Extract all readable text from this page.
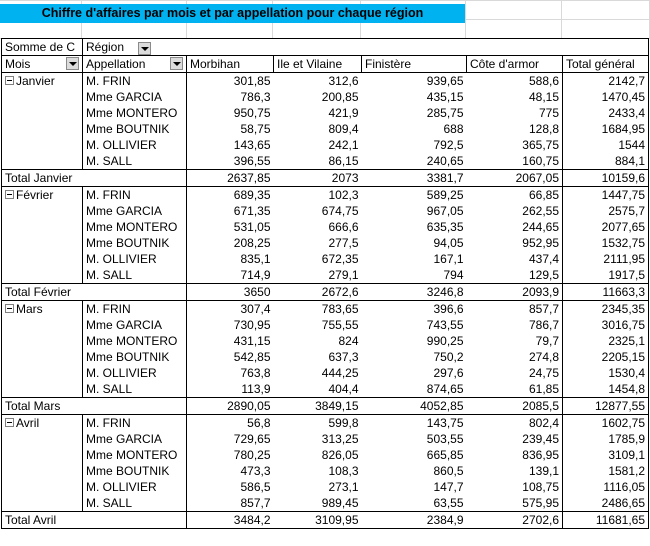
Chiffre d'affaires par mois et par appellation pour chaque région
Somme de C	Région					

Mois	Appellation	Morbihan	Ile et Vilaine	Finistère	Côte d'armor	Total général
Janvier	M. FRIN	301,85	312,6	939,65	588,6	2142,7
	Mme GARCIA	786,3	200,85	435,15	48,15	1470,45
	Mme MONTERO	950,75	421,9	285,75	775	2433,4
	Mme BOUTNIK	58,75	809,4	688	128,8	1684,95
	M. OLLIVIER	143,65	242,1	792,5	365,75	1544
	M. SALL	396,55	86,15	240,65	160,75	884,1
Total Janvier		2637,85	2073	3381,7	2067,05	10159,6
Février	M. FRIN	689,35	102,3	589,25	66,85	1447,75
	Mme GARCIA	671,35	674,75	967,05	262,55	2575,7
	Mme MONTERO	531,05	666,6	635,35	244,65	2077,65
	Mme BOUTNIK	208,25	277,5	94,05	952,95	1532,75
	M. OLLIVIER	835,1	672,35	167,1	437,4	2111,95
	M. SALL	714,9	279,1	794	129,5	1917,5
Total Février		3650	2672,6	3246,8	2093,9	11663,3
Mars	M. FRIN	307,4	783,65	396,6	857,7	2345,35
	Mme GARCIA	730,95	755,55	743,55	786,7	3016,75
	Mme MONTERO	431,15	824	990,25	79,7	2325,1
	Mme BOUTNIK	542,85	637,3	750,2	274,8	2205,15
	M. OLLIVIER	763,8	444,25	297,6	24,75	1530,4
	M. SALL	113,9	404,4	874,65	61,85	1454,8
Total Mars		2890,05	3849,15	4052,85	2085,5	12877,55
Avril	M. FRIN	56,8	599,8	143,75	802,4	1602,75
	Mme GARCIA	729,65	313,25	503,55	239,45	1785,9
	Mme MONTERO	780,25	826,05	665,85	836,95	3109,1
	Mme BOUTNIK	473,3	108,3	860,5	139,1	1581,2
	M. OLLIVIER	586,5	273,1	147,7	108,75	1116,05
	M. SALL	857,7	989,45	63,55	575,95	2486,65
Total Avril		3484,2	3109,95	2384,9	2702,6	11681,65
